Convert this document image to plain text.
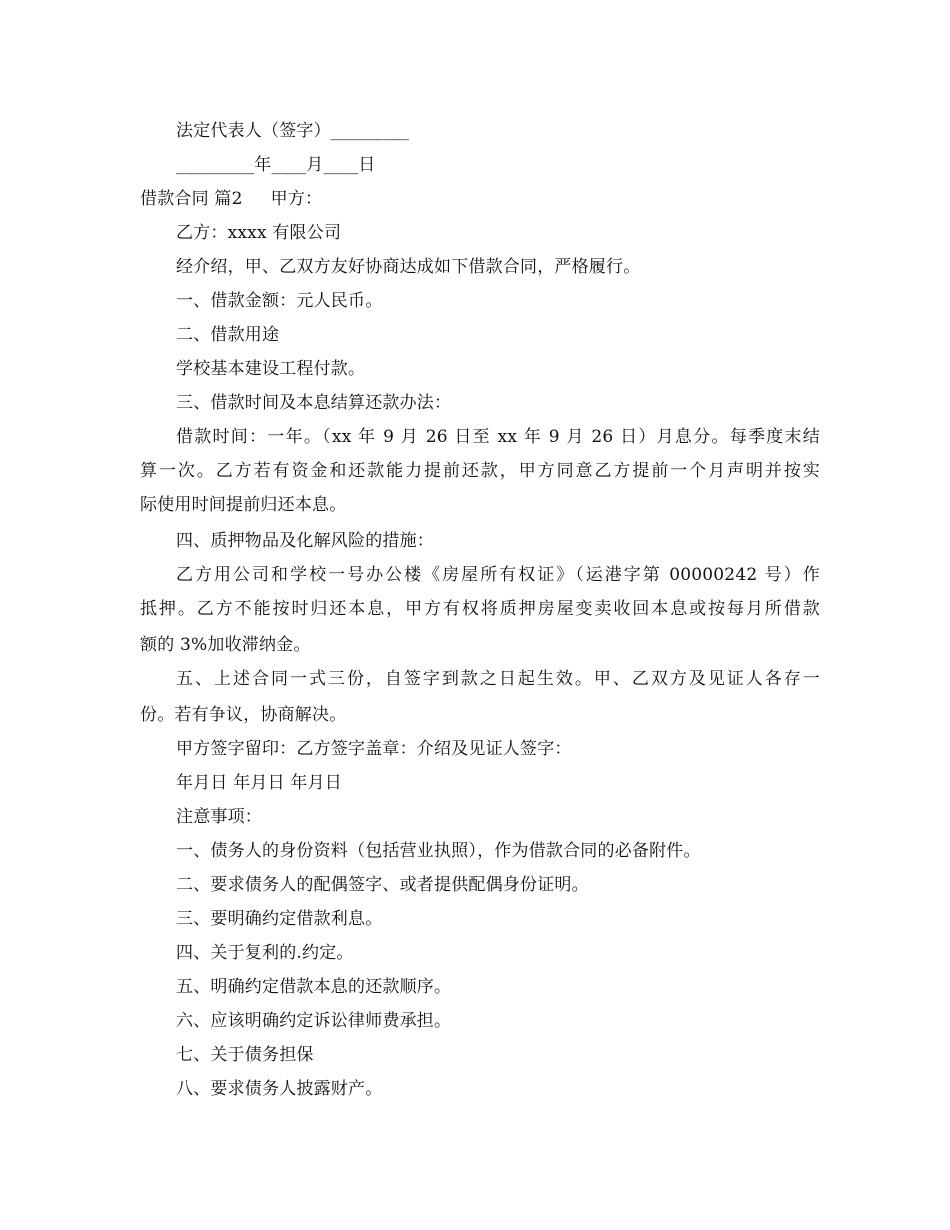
法定代表人（签字）_________
_________年____月____日
借款合同 篇2 甲方：
乙方：xxxx 有限公司
经介绍，甲、乙双方友好协商达成如下借款合同，严格履行。
一、借款金额：元人民币。
二、借款用途
学校基本建设工程付款。
三、借款时间及本息结算还款办法：
借款时间：一年。（xx 年 9 月 26 日至 xx 年 9 月 26 日）月息分。每季度末结
算一次。乙方若有资金和还款能力提前还款，甲方同意乙方提前一个月声明并按实
际使用时间提前归还本息。
四、质押物品及化解风险的措施：
乙方用公司和学校一号办公楼《房屋所有权证》（运港字第 00000242 号）作
抵押。乙方不能按时归还本息，甲方有权将质押房屋变卖收回本息或按每月所借款
额的 3%加收滞纳金。
五、上述合同一式三份，自签字到款之日起生效。甲、乙双方及见证人各存一
份。若有争议，协商解决。
甲方签字留印：乙方签字盖章：介绍及见证人签字：
年月日 年月日 年月日
注意事项：
一、债务人的身份资料（包括营业执照），作为借款合同的必备附件。
二、要求债务人的配偶签字、或者提供配偶身份证明。
三、要明确约定借款利息。
四、关于复利的.约定。
五、明确约定借款本息的还款顺序。
六、应该明确约定诉讼律师费承担。
七、关于债务担保
八、要求债务人披露财产。
